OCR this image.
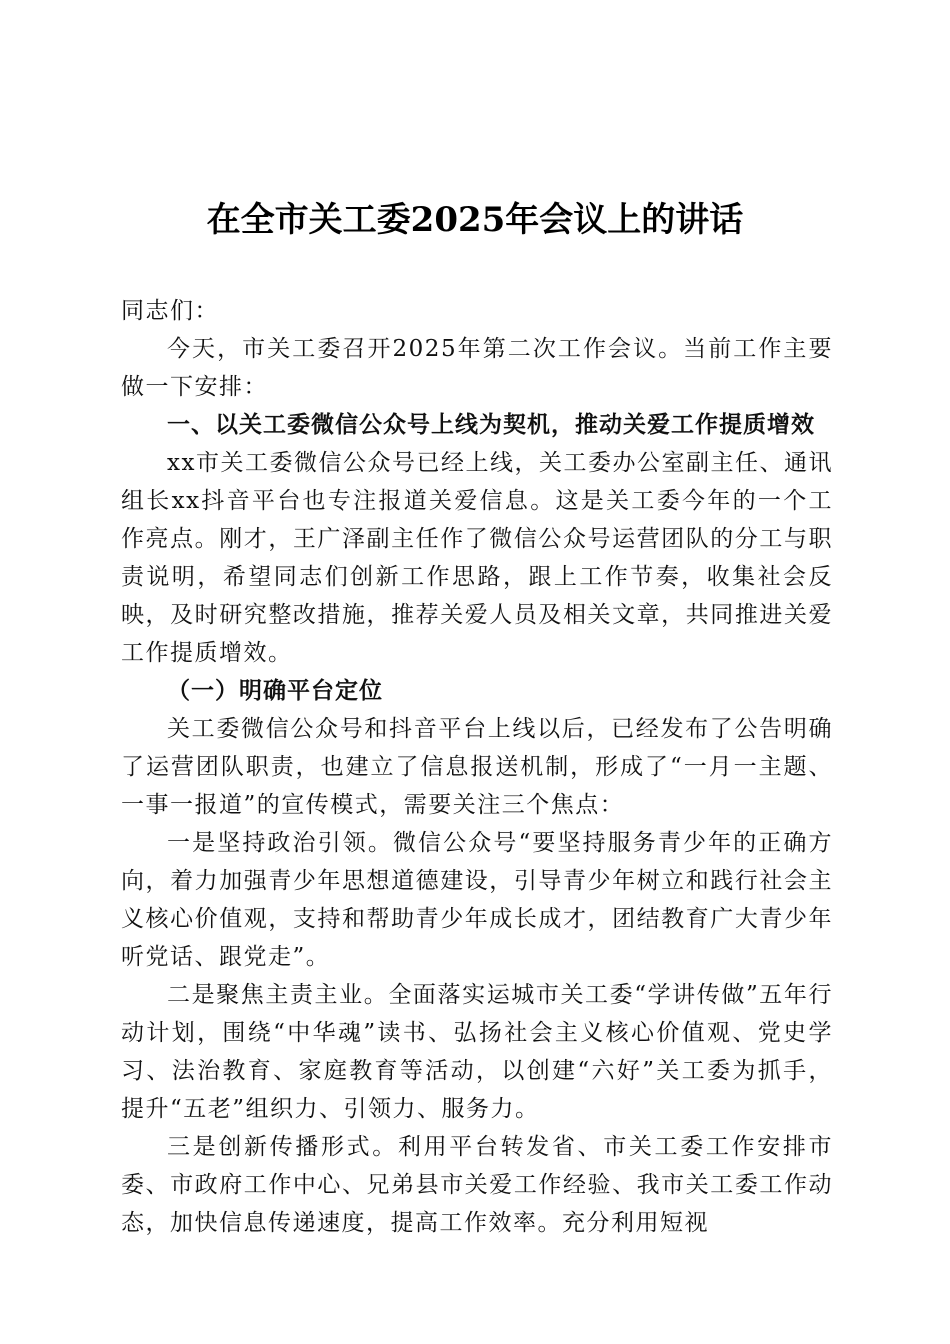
在全市关工委2025年会议上的讲话

同志们：

今天，市关工委召开2025年第二次工作会议。当前工作主要做一下安排：

一、以关工委微信公众号上线为契机，推动关爱工作提质增效

xx市关工委微信公众号已经上线，关工委办公室副主任、通讯组长xx抖音平台也专注报道关爱信息。这是关工委今年的一个工作亮点。刚才，王广泽副主任作了微信公众号运营团队的分工与职责说明，希望同志们创新工作思路，跟上工作节奏，收集社会反映，及时研究整改措施，推荐关爱人员及相关文章，共同推进关爱工作提质增效。

（一）明确平台定位

关工委微信公众号和抖音平台上线以后，已经发布了公告明确了运营团队职责，也建立了信息报送机制，形成了“一月一主题、一事一报道”的宣传模式，需要关注三个焦点：

一是坚持政治引领。微信公众号“要坚持服务青少年的正确方向，着力加强青少年思想道德建设，引导青少年树立和践行社会主义核心价值观，支持和帮助青少年成长成才，团结教育广大青少年听党话、跟党走”。

二是聚焦主责主业。全面落实运城市关工委“学讲传做”五年行动计划，围绕“中华魂”读书、弘扬社会主义核心价值观、党史学习、法治教育、家庭教育等活动，以创建“六好”关工委为抓手，提升“五老”组织力、引领力、服务力。

三是创新传播形式。利用平台转发省、市关工委工作安排市委、市政府工作中心、兄弟县市关爱工作经验、我市关工委工作动态，加快信息传递速度，提高工作效率。充分利用短视
